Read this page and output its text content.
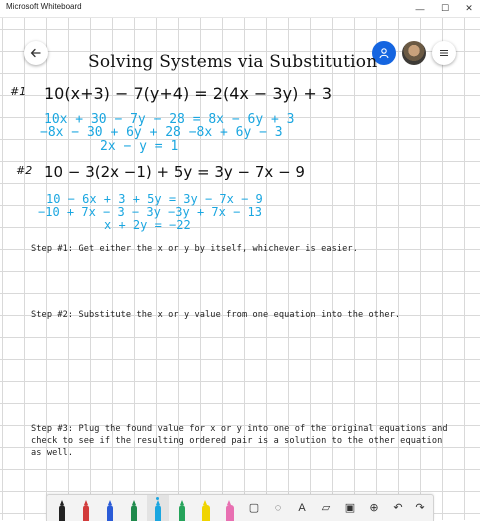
Microsoft Whiteboard	—	☐	✕
Solving Systems via Substitution
#1 10(x+3) − 7(y+4) = 2(4x − 3y) + 3
10x + 30 − 7y − 28 = 8x − 6y + 3
−8x − 30 + 6y + 28 −8x + 6y − 3
2x − y = 1
#2 10 − 3(2x −1) + 5y = 3y − 7x − 9
10 − 6x + 3 + 5y = 3y − 7x − 9
−10 + 7x − 3 − 3y −3y + 7x − 13
x + 2y = −22
Step #1: Get either the x or y by itself, whichever is easier.
Step #2: Substitute the x or y value from one equation into the other.
Step #3: Plug the found value for x or y into one of the original equations and check to see if the resulting ordered pair is a solution to the other equation as well.
▢ ◌ A ▱ ▣ ⊕ ↶ ↷
